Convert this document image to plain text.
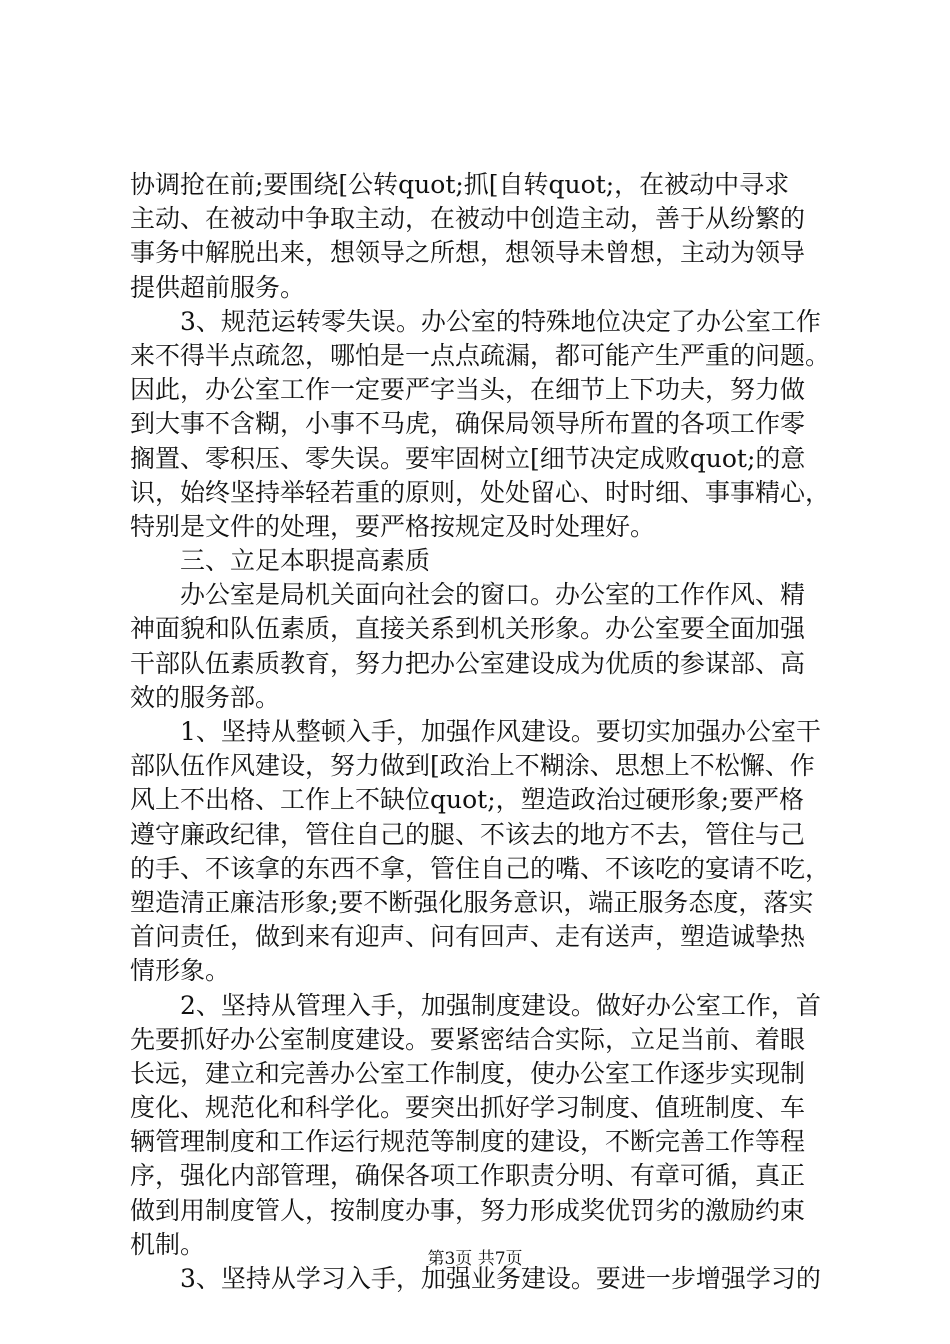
协调抢在前;要围绕[公转quot;抓[自转quot;，在被动中寻求
主动、在被动中争取主动，在被动中创造主动，善于从纷繁的
事务中解脱出来，想领导之所想，想领导未曾想，主动为领导
提供超前服务。
3、规范运转零失误。办公室的特殊地位决定了办公室工作
来不得半点疏忽，哪怕是一点点疏漏，都可能产生严重的问题。
因此，办公室工作一定要严字当头，在细节上下功夫，努力做
到大事不含糊，小事不马虎，确保局领导所布置的各项工作零
搁置、零积压、零失误。要牢固树立[细节决定成败quot;的意
识，始终坚持举轻若重的原则，处处留心、时时细、事事精心，
特别是文件的处理，要严格按规定及时处理好。
三、立足本职提高素质
办公室是局机关面向社会的窗口。办公室的工作作风、精
神面貌和队伍素质，直接关系到机关形象。办公室要全面加强
干部队伍素质教育，努力把办公室建设成为优质的参谋部、高
效的服务部。
1、坚持从整顿入手，加强作风建设。要切实加强办公室干
部队伍作风建设，努力做到[政治上不糊涂、思想上不松懈、作
风上不出格、工作上不缺位quot;，塑造政治过硬形象;要严格
遵守廉政纪律，管住自己的腿、不该去的地方不去，管住与己
的手、不该拿的东西不拿，管住自己的嘴、不该吃的宴请不吃，
塑造清正廉洁形象;要不断强化服务意识，端正服务态度，落实
首问责任，做到来有迎声、问有回声、走有送声，塑造诚挚热
情形象。
2、坚持从管理入手，加强制度建设。做好办公室工作，首
先要抓好办公室制度建设。要紧密结合实际，立足当前、着眼
长远，建立和完善办公室工作制度，使办公室工作逐步实现制
度化、规范化和科学化。要突出抓好学习制度、值班制度、车
辆管理制度和工作运行规范等制度的建设，不断完善工作等程
序，强化内部管理，确保各项工作职责分明、有章可循，真正
做到用制度管人，按制度办事，努力形成奖优罚劣的激励约束
机制。
3、坚持从学习入手，加强业务建设。要进一步增强学习的
第3页 共7页
